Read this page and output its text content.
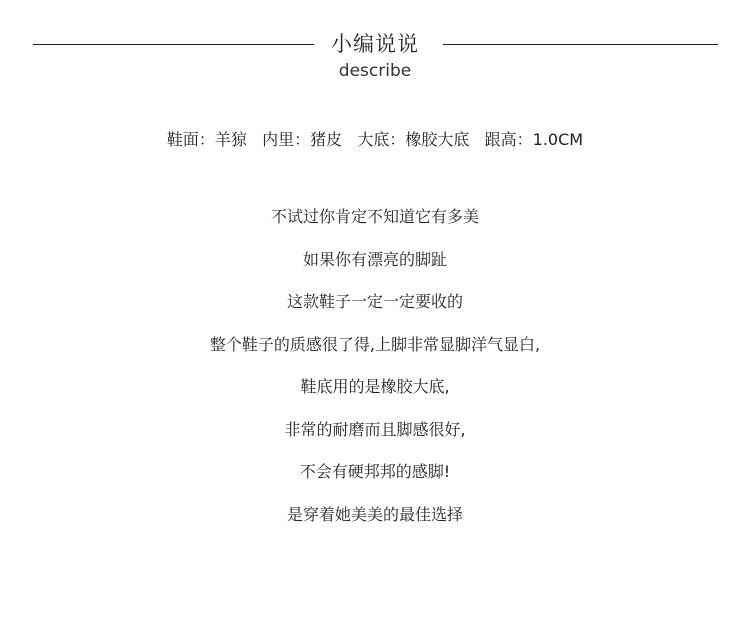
小编说说
describe
鞋面：羊猄   内里：猪皮   大底：橡胶大底   跟高：1.0CM
不试过你肯定不知道它有多美
如果你有漂亮的脚趾
这款鞋子一定一定要收的
整个鞋子的质感很了得,上脚非常显脚洋气显白,
鞋底用的是橡胶大底,
非常的耐磨而且脚感很好,
不会有硬邦邦的感脚!
是穿着她美美的最佳选择
